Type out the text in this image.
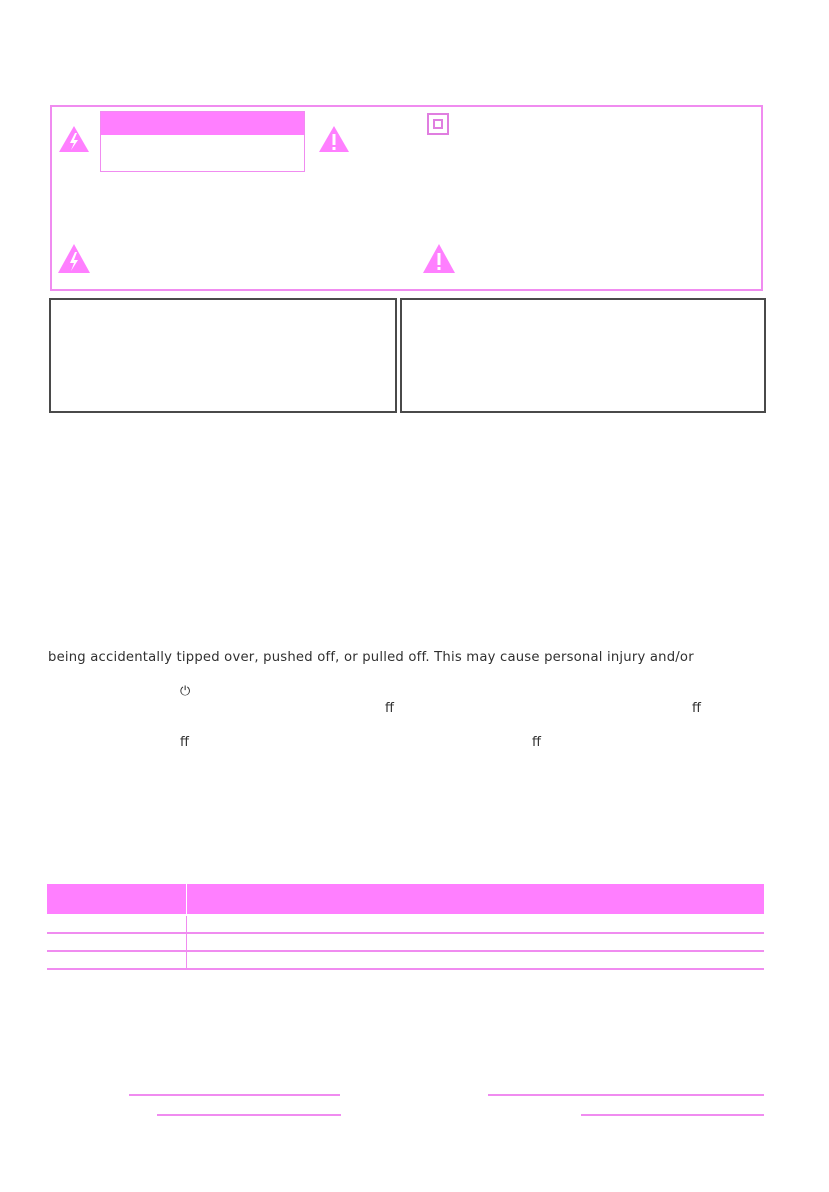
being accidentally tipped over, pushed off, or pulled off. This may cause personal injury and/or
⏻
ff	ff
ff	ff
